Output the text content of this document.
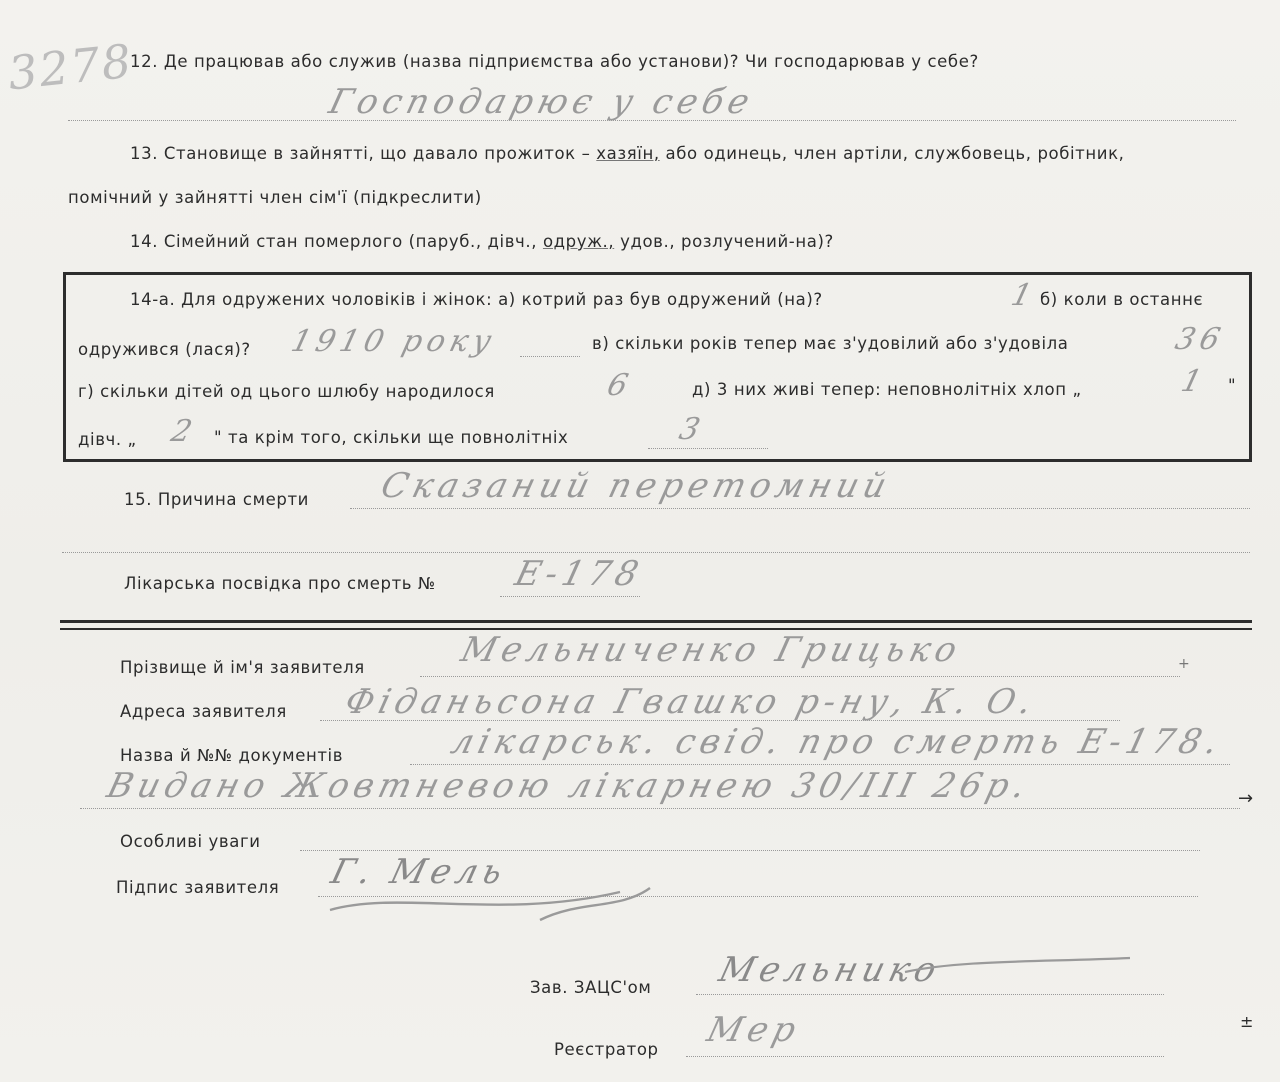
3278
12. Де працював або служив (назва підприємства або установи)? Чи господарював у себе?
Господарює у себе
13. Становище в зайнятті, що давало прожиток – хазяїн, або одинець, член артіли, службовець, робітник,
помічний у зайнятті член сім'ї (підкреслити)
14. Сімейний стан померлого (паруб., дівч., одруж., удов., розлучений-на)?
14-а. Для одружених чоловіків і жінок: а) котрий раз був одружений (на)?	1 б) коли в останнє
одружився (лася)? 1910 року	в) скільки років тепер має з'удовілий або з'удовіла	36
г) скільки дітей од цього шлюбу народилося	6	д) 3 них живі тепер: неповнолітніх хлоп „	1 "
дівч. „ 2 " та крім того, скільки ще повнолітніх	3
15. Причина смерти Сказаний перетомний
Лікарська посвідка про смерть № Е-178
Прізвище й ім'я заявителя	Мельниченко Грицько
Адреса заявителя Фіданьсона Гвашко р-ну, К. О.
Назва й №№ документів	лікарськ. свід. про смерть Е-178.
Видано Жовтневою лікарнею 30/III 26р.	→
Особливі уваги
Підпис заявителя Г. Мель
Зав. ЗАЦС'ом Мельнико
Реєстратор Мер	±
+
